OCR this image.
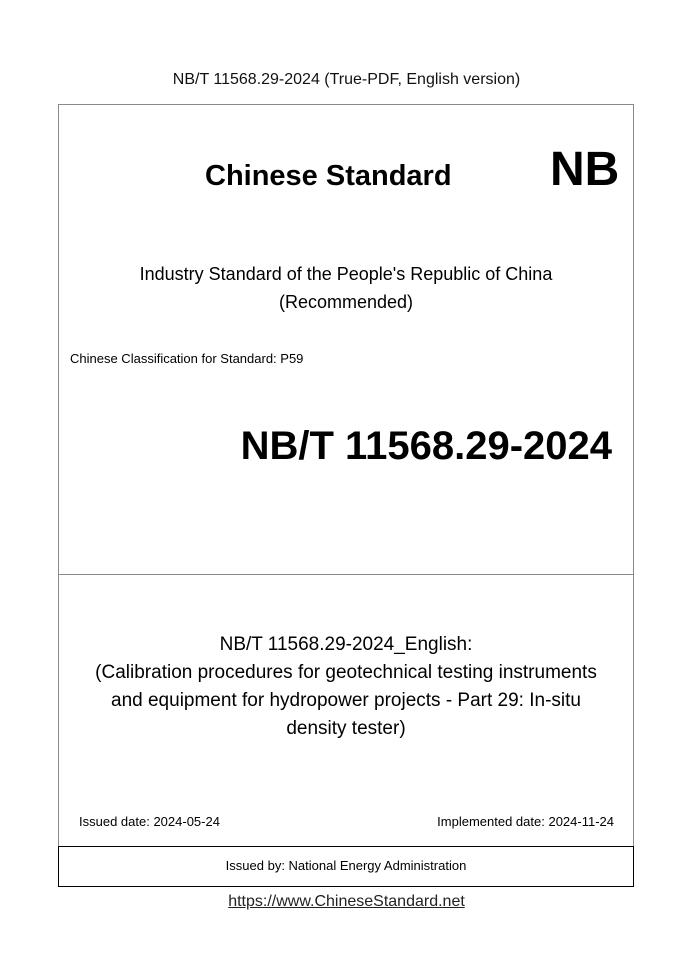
NB/T 11568.29-2024 (True-PDF, English version)
Chinese Standard NB
Industry Standard of the People's Republic of China
(Recommended)
Chinese Classification for Standard: P59
NB/T 11568.29-2024
NB/T 11568.29-2024_English:
(Calibration procedures for geotechnical testing instruments
and equipment for hydropower projects - Part 29: In-situ
density tester)
Issued date: 2024-05-24	Implemented date: 2024-11-24
Issued by: National Energy Administration
https://www.ChineseStandard.net
